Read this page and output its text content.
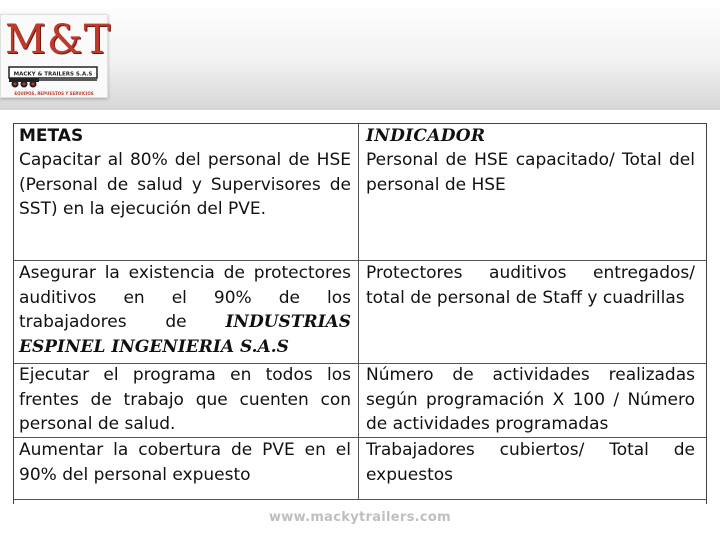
M&T
MACKY & TRAILERS S.A.S
EQUIPOS, REPUESTOS Y SERVICIOS
METAS	INDICADOR
Capacitar al 80% del personal de HSE (Personal de salud y Supervisores de SST) en la ejecución del PVE.
Personal de HSE capacitado/ Total del personal de HSE
Asegurar la existencia de protectores auditivos en el 90% de los trabajadores de INDUSTRIAS ESPINEL INGENIERIA S.A.S
Protectores auditivos entregados/ total de personal de Staff y cuadrillas
Ejecutar el programa en todos los frentes de trabajo que cuenten con personal de salud.
Número de actividades realizadas según programación X 100 / Número de actividades programadas
Aumentar la cobertura de PVE en el 90% del personal expuesto
Trabajadores cubiertos/ Total de expuestos
www.mackytrailers.com
